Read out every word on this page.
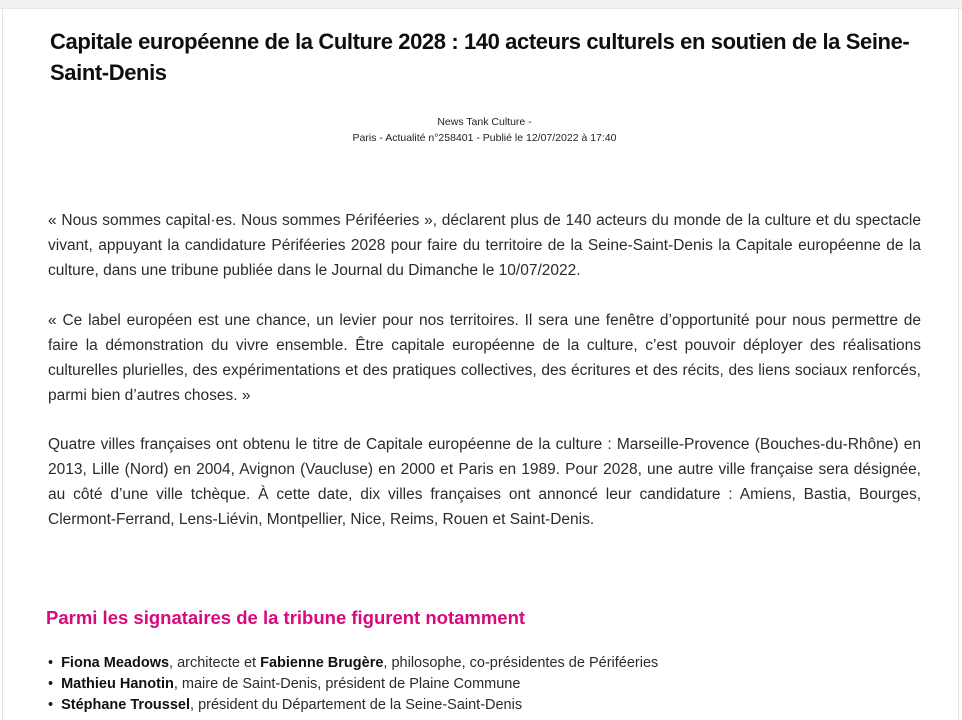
Capitale européenne de la Culture 2028 : 140 acteurs culturels en soutien de la Seine-Saint-Denis
News Tank Culture -
Paris - Actualité n°258401 - Publié le 12/07/2022 à 17:40

« Nous sommes capital·es. Nous sommes Périféeries », déclarent plus de 140 acteurs du monde de la culture et du spectacle vivant, appuyant la candidature Périféeries 2028 pour faire du territoire de la Seine-Saint-Denis la Capitale européenne de la culture, dans une tribune publiée dans le Journal du Dimanche le 10/07/2022.

« Ce label européen est une chance, un levier pour nos territoires. Il sera une fenêtre d’opportunité pour nous permettre de faire la démonstration du vivre ensemble. Être capitale européenne de la culture, c’est pouvoir déployer des réalisations culturelles plurielles, des expérimentations et des pratiques collectives, des écritures et des récits, des liens sociaux renforcés, parmi bien d’autres choses. »

Quatre villes françaises ont obtenu le titre de Capitale européenne de la culture : Marseille-Provence (Bouches-du-Rhône) en 2013, Lille (Nord) en 2004, Avignon (Vaucluse) en 2000 et Paris en 1989. Pour 2028, une autre ville française sera désignée, au côté d’une ville tchèque. À cette date, dix villes françaises ont annoncé leur candidature : Amiens, Bastia, Bourges, Clermont-Ferrand, Lens-Liévin, Montpellier, Nice, Reims, Rouen et Saint-Denis.

Parmi les signataires de la tribune figurent notamment
• Fiona Meadows, architecte et Fabienne Brugère, philosophe, co-présidentes de Périféeries
• Mathieu Hanotin, maire de Saint-Denis, président de Plaine Commune
• Stéphane Troussel, président du Département de la Seine-Saint-Denis
